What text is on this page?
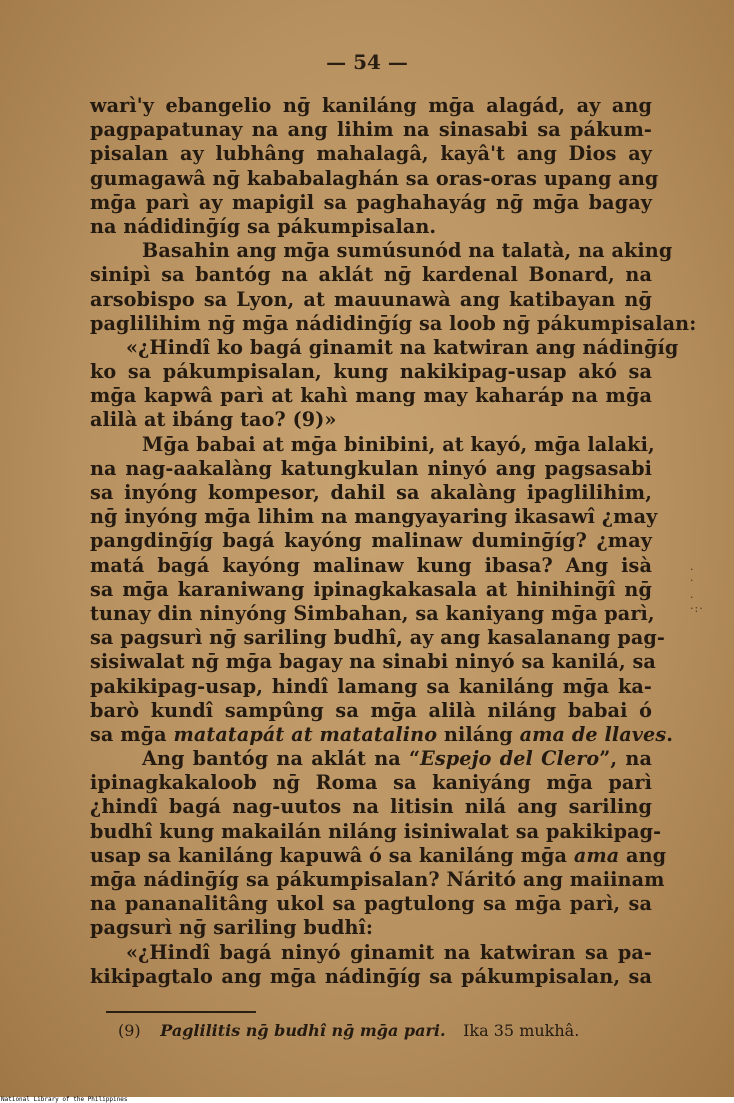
— 54 —
warì'y ebangelio nḡ kaniláng mḡa alagád, ay ang
pagpapatunay na ang lihim na sinasabi sa pákum-
pisalan ay lubhâng mahalagâ, kayâ't ang Dios ay
gumagawâ nḡ kababalaghán sa oras-oras upang ang
mḡa parì ay mapigil sa paghahayág nḡ mḡa bagay
na nádidinḡíg sa pákumpisalan.
Basahin ang mḡa sumúsunód na talatà, na aking
sinipì sa bantóg na aklát nḡ kardenal Bonard, na
arsobispo sa Lyon, at mauunawà ang katibayan nḡ
paglilihim nḡ mḡa nádidinḡíg sa loob nḡ pákumpisalan:
«¿Hindî ko bagá ginamit na katwiran ang nádinḡíg
ko sa pákumpisalan, kung nakikipag-usap akó sa
mḡa kapwâ parì at kahì mang may kaharáp na mḡa
alilà at ibáng tao? (9)»
Mḡa babai at mḡa binibini, at kayó, mḡa lalaki,
na nag-aakalàng katungkulan ninyó ang pagsasabi
sa inyóng kompesor, dahil sa akalàng ipaglilihim,
nḡ inyóng mḡa lihim na mangyayaring ikasawî ¿may
pangdinḡíg bagá kayóng malinaw duminḡíg? ¿may
matá bagá kayóng malinaw kung ibasa? Ang isà
sa mḡa karaniwang ipinagkakasala at hinihinḡî nḡ
tunay din ninyóng Simbahan, sa kaniyang mḡa parì,
sa pagsurì nḡ sariling budhî, ay ang kasalanang pag-
sisiwalat nḡ mḡa bagay na sinabi ninyó sa kanilá, sa
pakikipag-usap, hindî lamang sa kaniláng mḡa ka-
barò kundî sampûng sa mḡa alilà niláng babai ó
sa mḡa matatapát at matatalino niláng ama de llaves.
Ang bantóg na aklát na “Espejo del Clero”, na
ipinagkakaloob nḡ Roma sa kaniyáng mḡa parì
¿hindî bagá nag-uutos na litisin nilá ang sariling
budhî kung makailán niláng isiniwalat sa pakikipag-
usap sa kaniláng kapuwâ ó sa kaniláng mḡa ama ang
mḡa nádinḡíg sa pákumpisalan? Náritó ang maiinam
na pananalitâng ukol sa pagtulong sa mḡa parì, sa
pagsurì nḡ sariling budhî:
«¿Hindî bagá ninyó ginamit na katwiran sa pa-
kikipagtalo ang mḡa nádinḡíg sa pákumpisalan, sa
.
·
.
·:·
(9) Paglilitis nḡ budhî nḡ mḡa pari. Ika 35 mukhâ.
National Library of the Philippines
